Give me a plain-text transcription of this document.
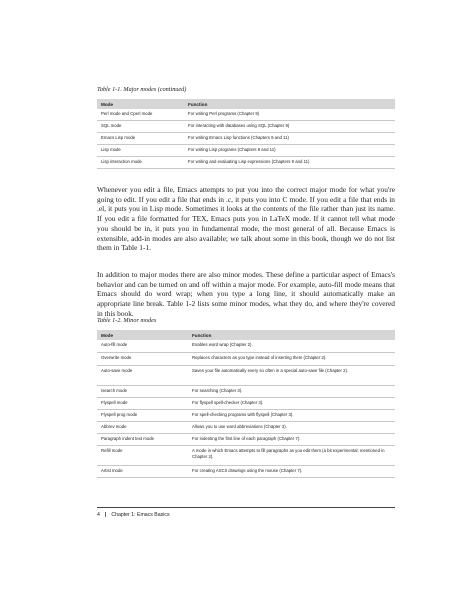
Table 1-1. Major modes (continued)
Mode	Function
Perl mode and Cperl mode	For writing Perl programs (Chapter 9)
SQL mode	For interacting with databases using SQL (Chapter 9)
Emacs Lisp mode	For writing Emacs Lisp functions (Chapters 9 and 11)
Lisp mode	For writing Lisp programs (Chapters 9 and 11)
Lisp interaction mode	For writing and evaluating Lisp expressions (Chapters 9 and 11)

Whenever you edit a file, Emacs attempts to put you into the correct major mode for what you're going to edit. If you edit a file that ends in .c, it puts you into C mode. If you edit a file that ends in .el, it puts you in Lisp mode. Sometimes it looks at the contents of the file rather than just its name. If you edit a file formatted for TEX, Emacs puts you in LaTeX mode. If it cannot tell what mode you should be in, it puts you in fundamental mode, the most general of all. Because Emacs is extensible, add-in modes are also available; we talk about some in this book, though we do not list them in Table 1-1.

In addition to major modes there are also minor modes. These define a particular aspect of Emacs's behavior and can be turned on and off within a major mode. For example, auto-fill mode means that Emacs should do word wrap; when you type a long line, it should automatically make an appropriate line break. Table 1-2 lists some minor modes, what they do, and where they're covered in this book.

Table 1-2. Minor modes
Mode	Function
Auto-fill mode	Enables word wrap (Chapter 2).
Overwrite mode	Replaces characters as you type instead of inserting them (Chapter 2).
Auto-save mode	Saves your file automatically every so often in a special auto-save file (Chapter 2).
Isearch mode	For searching (Chapter 3).
Flyspell mode	For flyspell spell-checker (Chapter 3).
Flyspell prog mode	For spell-checking programs with flyspell (Chapter 3).
Abbrev mode	Allows you to use word abbreviations (Chapter 3).
Paragraph indent text mode	For indenting the first line of each paragraph (Chapter 7).
Refill mode	A mode in which Emacs attempts to fill paragraphs as you edit them (a bit experimental; mentioned in Chapter 2).
Artist mode	For creating ASCII drawings using the mouse (Chapter 7).
4 | Chapter 1: Emacs Basics
